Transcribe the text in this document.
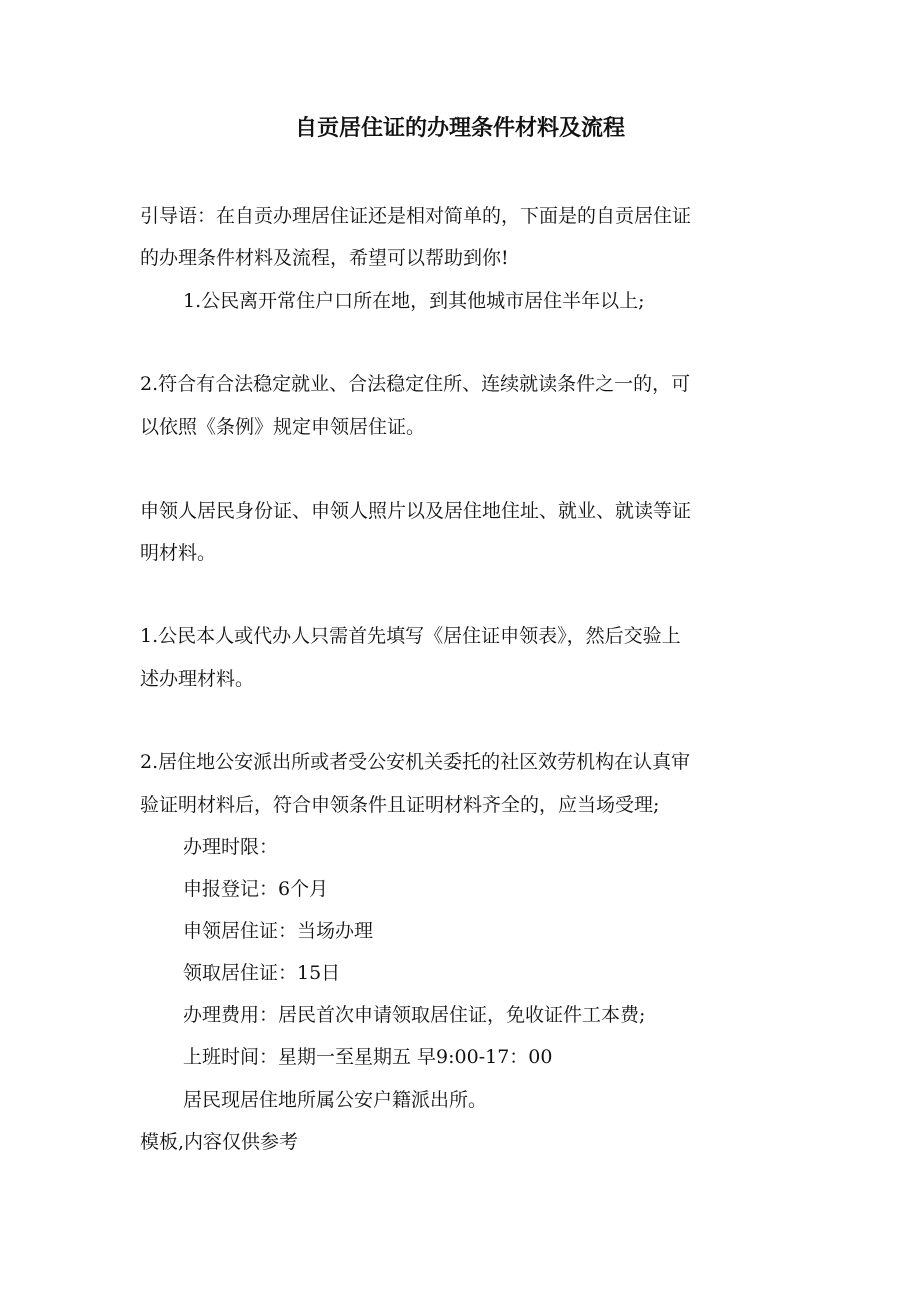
自贡居住证的办理条件材料及流程
引导语：在自贡办理居住证还是相对简单的，下面是的自贡居住证
的办理条件材料及流程，希望可以帮助到你!
1.公民离开常住户口所在地，到其他城市居住半年以上;
2.符合有合法稳定就业、合法稳定住所、连续就读条件之一的，可
以依照《条例》规定申领居住证。
申领人居民身份证、申领人照片以及居住地住址、就业、就读等证
明材料。
1.公民本人或代办人只需首先填写《居住证申领表》，然后交验上
述办理材料。
2.居住地公安派出所或者受公安机关委托的社区效劳机构在认真审
验证明材料后，符合申领条件且证明材料齐全的，应当场受理;
办理时限：
申报登记：6个月
申领居住证：当场办理
领取居住证：15日
办理费用：居民首次申请领取居住证，免收证件工本费;
上班时间：星期一至星期五 早9:00-17：00
居民现居住地所属公安户籍派出所。
模板,内容仅供参考
